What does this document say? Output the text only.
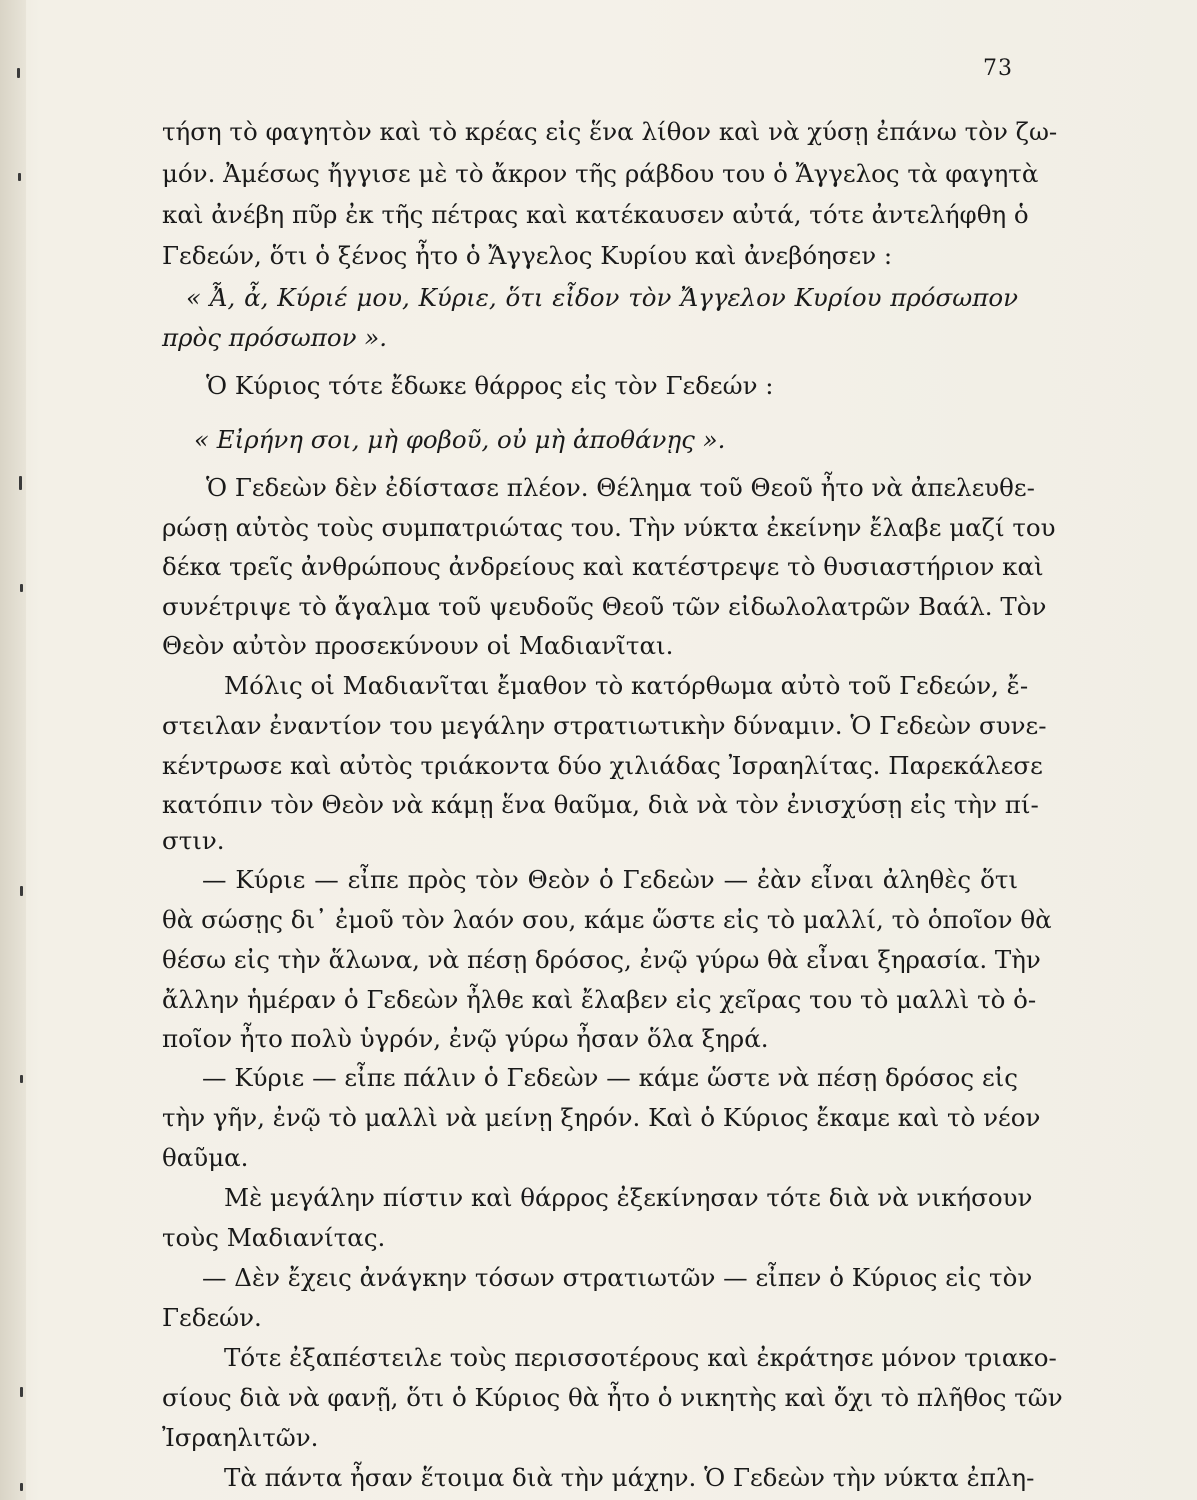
73
τήση τὸ φαγητὸν καὶ τὸ κρέας εἰς ἕνα λίθον καὶ νὰ χύσῃ ἐπάνω τὸν ζω-
μόν. Ἀμέσως ἤγγισε μὲ τὸ ἄκρον τῆς ράβδου του ὁ Ἄγγελος τὰ φαγητὰ
καὶ ἀνέβη πῦρ ἐκ τῆς πέτρας καὶ κατέκαυσεν αὐτά, τότε ἀντελήφθη ὁ
Γεδεών, ὅτι ὁ ξένος ἦτο ὁ Ἄγγελος Κυρίου καὶ ἀνεβόησεν :
« Ἆ, ἆ, Κύριέ μου, Κύριε, ὅτι εἶδον τὸν Ἄγγελον Κυρίου πρόσωπον
πρὸς πρόσωπον ».
Ὁ Κύριος τότε ἔδωκε θάρρος εἰς τὸν Γεδεών :
« Εἰρήνη σοι, μὴ φοβοῦ, οὐ μὴ ἀποθάνῃς ».
Ὁ Γεδεὼν δὲν ἐδίστασε πλέον. Θέλημα τοῦ Θεοῦ ἦτο νὰ ἀπελευθε-
ρώσῃ αὐτὸς τοὺς συμπατριώτας του. Τὴν νύκτα ἐκείνην ἔλαβε μαζί του
δέκα τρεῖς ἀνθρώπους ἀνδρείους καὶ κατέστρεψε τὸ θυσιαστήριον καὶ
συνέτριψε τὸ ἄγαλμα τοῦ ψευδοῦς Θεοῦ τῶν εἰδωλολατρῶν Βαάλ. Τὸν
Θεὸν αὐτὸν προσεκύνουν οἱ Μαδιανῖται.
Μόλις οἱ Μαδιανῖται ἔμαθον τὸ κατόρθωμα αὐτὸ τοῦ Γεδεών, ἔ-
στειλαν ἐναντίον του μεγάλην στρατιωτικὴν δύναμιν. Ὁ Γεδεὼν συνε-
κέντρωσε καὶ αὐτὸς τριάκοντα δύο χιλιάδας Ἰσραηλίτας. Παρεκάλεσε
κατόπιν τὸν Θεὸν νὰ κάμῃ ἕνα θαῦμα, διὰ νὰ τὸν ἐνισχύσῃ εἰς τὴν πί-
στιν.
— Κύριε — εἶπε πρὸς τὸν Θεὸν ὁ Γεδεὼν — ἐὰν εἶναι ἀληθὲς ὅτι
θὰ σώσῃς δι᾽ ἐμοῦ τὸν λαόν σου, κάμε ὥστε εἰς τὸ μαλλί, τὸ ὁποῖον θὰ
θέσω εἰς τὴν ἅλωνα, νὰ πέσῃ δρόσος, ἐνῷ γύρω θὰ εἶναι ξηρασία. Τὴν
ἄλλην ἡμέραν ὁ Γεδεὼν ἦλθε καὶ ἔλαβεν εἰς χεῖρας του τὸ μαλλὶ τὸ ὁ-
ποῖον ἦτο πολὺ ὑγρόν, ἐνῷ γύρω ἦσαν ὅλα ξηρά.
— Κύριε — εἶπε πάλιν ὁ Γεδεὼν — κάμε ὥστε νὰ πέσῃ δρόσος εἰς
τὴν γῆν, ἐνῷ τὸ μαλλὶ νὰ μείνῃ ξηρόν. Καὶ ὁ Κύριος ἔκαμε καὶ τὸ νέον
θαῦμα.
Μὲ μεγάλην πίστιν καὶ θάρρος ἐξεκίνησαν τότε διὰ νὰ νικήσουν
τοὺς Μαδιανίτας.
— Δὲν ἔχεις ἀνάγκην τόσων στρατιωτῶν — εἶπεν ὁ Κύριος εἰς τὸν
Γεδεών.
Τότε ἐξαπέστειλε τοὺς περισσοτέρους καὶ ἐκράτησε μόνον τριακο-
σίους διὰ νὰ φανῇ, ὅτι ὁ Κύριος θὰ ἦτο ὁ νικητὴς καὶ ὄχι τὸ πλῆθος τῶν
Ἰσραηλιτῶν.
Τὰ πάντα ἦσαν ἕτοιμα διὰ τὴν μάχην. Ὁ Γεδεὼν τὴν νύκτα ἐπλη-
